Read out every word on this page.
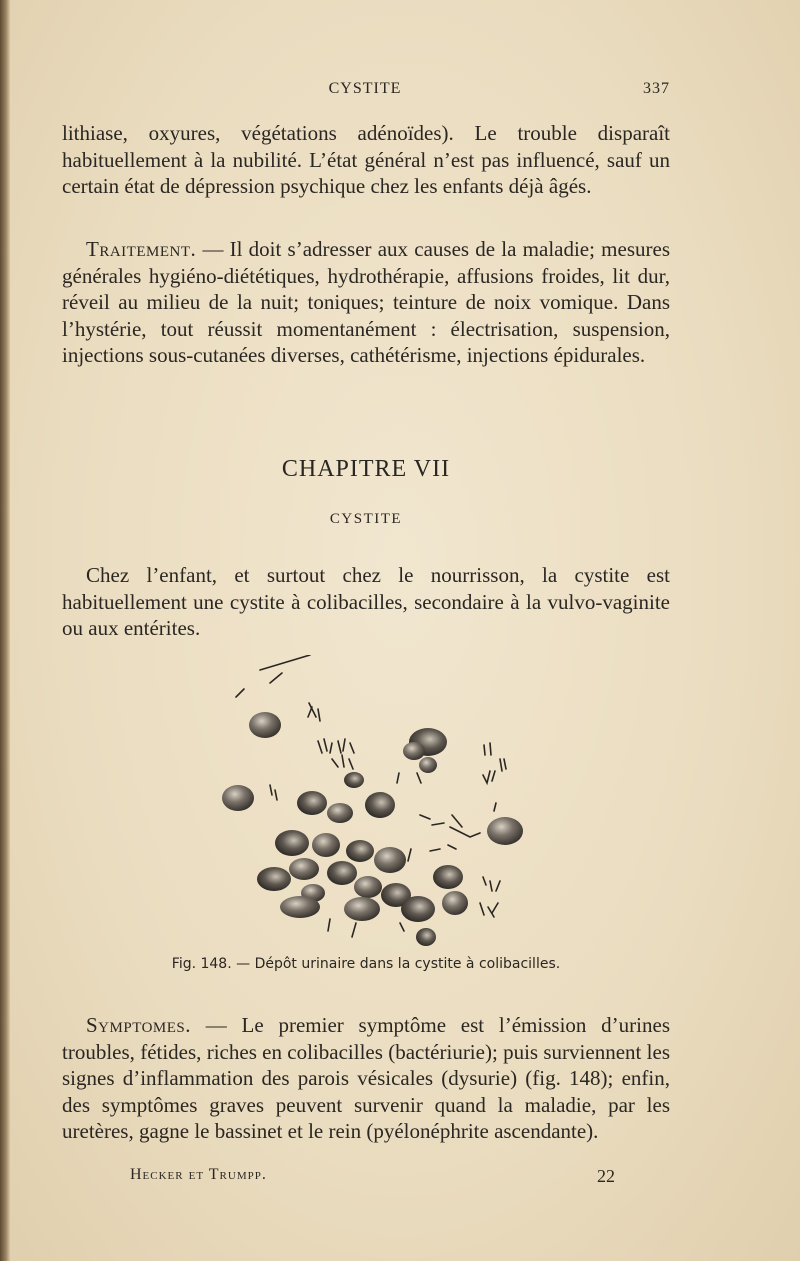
CYSTITE	337
lithiase, oxyures, végétations adénoïdes). Le trouble disparaît habituellement à la nubilité. L’état général n’est pas influencé, sauf un certain état de dépression psychique chez les enfants déjà âgés.
Traitement. — Il doit s’adresser aux causes de la maladie; mesures générales hygiéno-diététiques, hydrothérapie, affusions froides, lit dur, réveil au milieu de la nuit; toniques; teinture de noix vomique. Dans l’hystérie, tout réussit momentanément : électrisation, suspension, injections sous-cutanées diverses, cathétérisme, injections épidurales.
CHAPITRE VII
CYSTITE
Chez l’enfant, et surtout chez le nourrisson, la cystite est habituellement une cystite à colibacilles, secondaire à la vulvo-vaginite ou aux entérites.
Fig. 148. — Dépôt urinaire dans la cystite à colibacilles.
Symptomes. — Le premier symptôme est l’émission d’urines troubles, fétides, riches en colibacilles (bactériurie); puis surviennent les signes d’inflammation des parois vésicales (dysurie) (fig. 148); enfin, des symptômes graves peuvent survenir quand la maladie, par les uretères, gagne le bassinet et le rein (pyélonéphrite ascendante).
Hecker et Trumpp.	22
